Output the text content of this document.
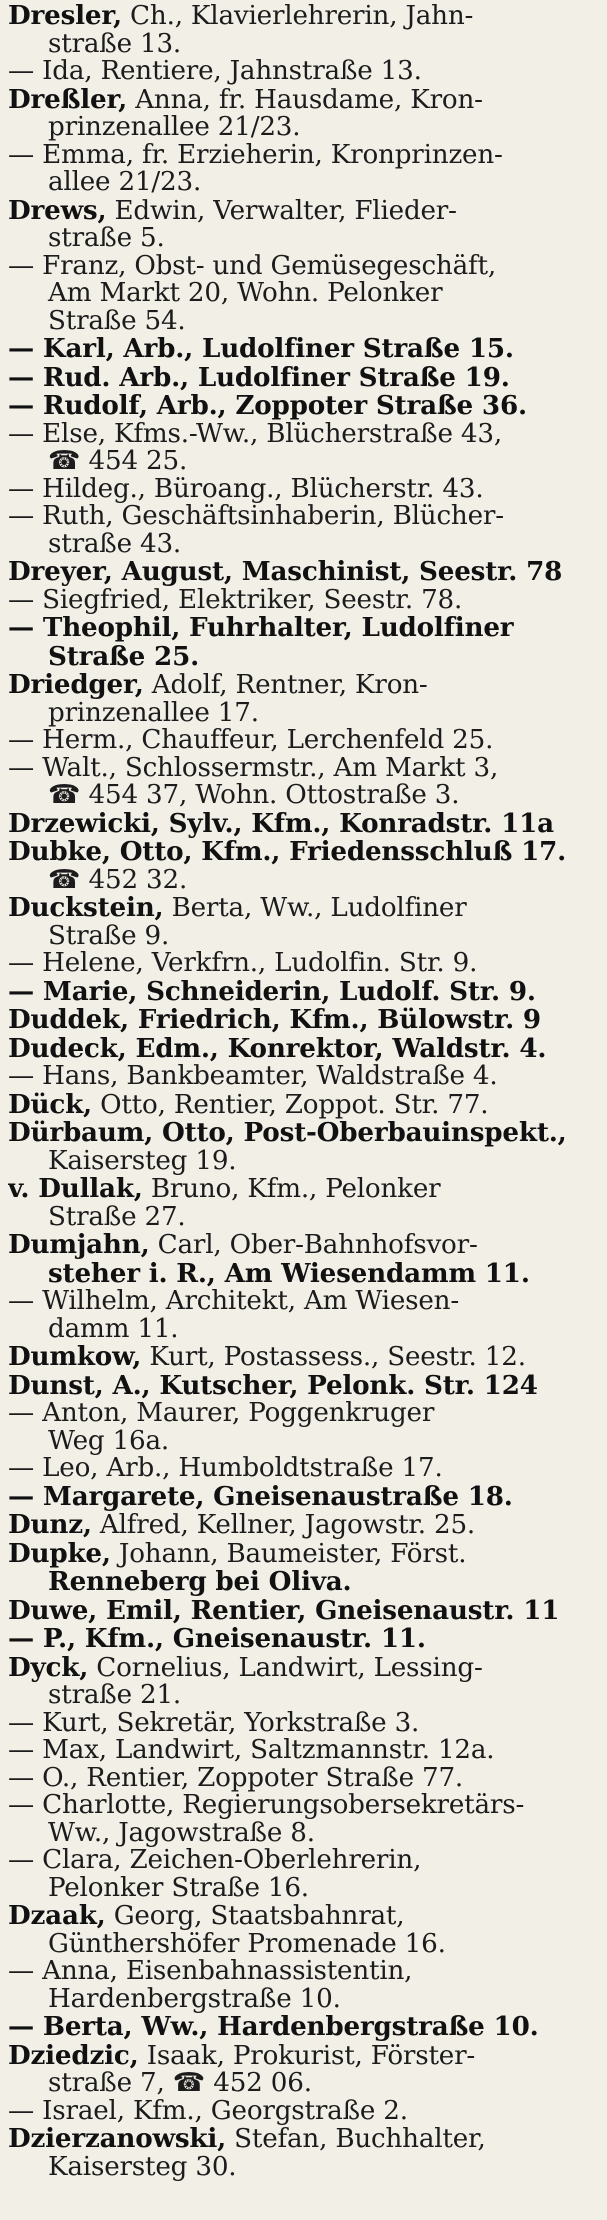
Dresler, Ch., Klavierlehrerin, Jahn-
straße 13.
— Ida, Rentiere, Jahnstraße 13.
Dreßler, Anna, fr. Hausdame, Kron-
prinzenallee 21/23.
— Emma, fr. Erzieherin, Kronprinzen-
allee 21/23.
Drews, Edwin, Verwalter, Flieder-
straße 5.
— Franz, Obst- und Gemüsegeschäft,
Am Markt 20, Wohn. Pelonker
Straße 54.
— Karl, Arb., Ludolfiner Straße 15.
— Rud. Arb., Ludolfiner Straße 19.
— Rudolf, Arb., Zoppoter Straße 36.
— Else, Kfms.-Ww., Blücherstraße 43,
☎ 454 25.
— Hildeg., Büroang., Blücherstr. 43.
— Ruth, Geschäftsinhaberin, Blücher-
straße 43.
Dreyer, August, Maschinist, Seestr. 78
— Siegfried, Elektriker, Seestr. 78.
— Theophil, Fuhrhalter, Ludolfiner
Straße 25.
Driedger, Adolf, Rentner, Kron-
prinzenallee 17.
— Herm., Chauffeur, Lerchenfeld 25.
— Walt., Schlossermstr., Am Markt 3,
☎ 454 37, Wohn. Ottostraße 3.
Drzewicki, Sylv., Kfm., Konradstr. 11a
Dubke, Otto, Kfm., Friedensschluß 17.
☎ 452 32.
Duckstein, Berta, Ww., Ludolfiner
Straße 9.
— Helene, Verkfrn., Ludolfin. Str. 9.
— Marie, Schneiderin, Ludolf. Str. 9.
Duddek, Friedrich, Kfm., Bülowstr. 9
Dudeck, Edm., Konrektor, Waldstr. 4.
— Hans, Bankbeamter, Waldstraße 4.
Dück, Otto, Rentier, Zoppot. Str. 77.
Dürbaum, Otto, Post-Oberbauinspekt.,
Kaisersteg 19.
v. Dullak, Bruno, Kfm., Pelonker
Straße 27.
Dumjahn, Carl, Ober-Bahnhofsvor-
steher i. R., Am Wiesendamm 11.
— Wilhelm, Architekt, Am Wiesen-
damm 11.
Dumkow, Kurt, Postassess., Seestr. 12.
Dunst, A., Kutscher, Pelonk. Str. 124
— Anton, Maurer, Poggenkruger
Weg 16a.
— Leo, Arb., Humboldtstraße 17.
— Margarete, Gneisenaustraße 18.
Dunz, Alfred, Kellner, Jagowstr. 25.
Dupke, Johann, Baumeister, Först.
Renneberg bei Oliva.
Duwe, Emil, Rentier, Gneisenaustr. 11
— P., Kfm., Gneisenaustr. 11.
Dyck, Cornelius, Landwirt, Lessing-
straße 21.
— Kurt, Sekretär, Yorkstraße 3.
— Max, Landwirt, Saltzmannstr. 12a.
— O., Rentier, Zoppoter Straße 77.
— Charlotte, Regierungsobersekretärs-
Ww., Jagowstraße 8.
— Clara, Zeichen-Oberlehrerin,
Pelonker Straße 16.
Dzaak, Georg, Staatsbahnrat,
Günthershöfer Promenade 16.
— Anna, Eisenbahnassistentin,
Hardenbergstraße 10.
— Berta, Ww., Hardenbergstraße 10.
Dziedzic, Isaak, Prokurist, Förster-
straße 7, ☎ 452 06.
— Israel, Kfm., Georgstraße 2.
Dzierzanowski, Stefan, Buchhalter,
Kaisersteg 30.
